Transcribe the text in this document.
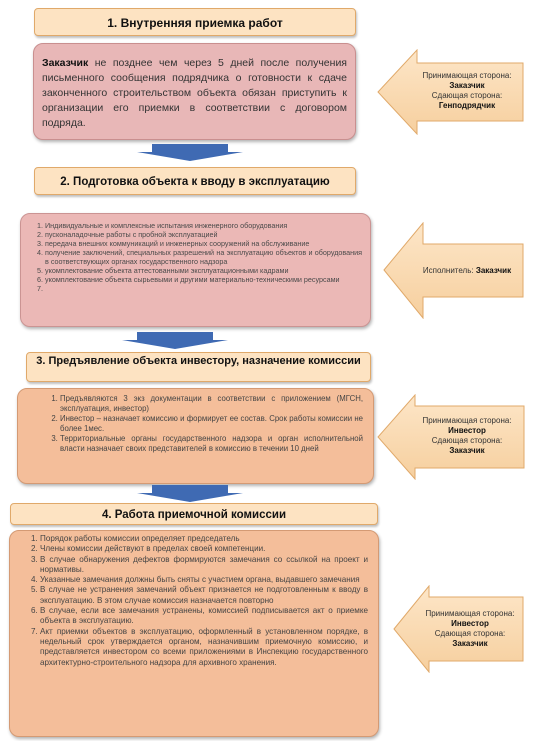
1. Внутренняя приемка работ
Заказчик не позднее чем через 5 дней после получения письменного сообщения подрядчика о готовности к сдаче законченного строительством объекта обязан приступить к организации его приемки в соответствии с договором подряда.
Принимающая сторона:
Заказчик
Сдающая сторона:
Генподрядчик
2. Подготовка объекта к вводу в эксплуатацию
1. Индивидуальные и комплексные испытания инженерного оборудования
2. пусконаладочные работы с пробной эксплуатацией
3. передача внешних коммуникаций и инженерных сооружений на обслуживание
4. получение заключений, специальных разрешений на эксплуатацию объектов и оборудования в соответствующих органах государственного надзора
5. укомплектование объекта аттестованными эксплуатационными кадрами
6. укомплектование объекта сырьевыми и другими материально-техническими ресурсами
7.
Исполнитель: Заказчик
3. Предъявление объекта инвестору, назначение комиссии
1. Предъявляются 3 экз документации в соответствии с приложением (МГСН, эксплуатация, инвестор)
2. Инвестор – назначает комиссию и формирует ее состав. Срок работы комиссии не более 1мес.
3. Территориальные органы государственного надзора и орган исполнительной власти назначает своих представителей в комиссию в течении 10 дней
Принимающая сторона:
Инвестор
Сдающая сторона:
Заказчик
4. Работа приемочной комиссии
1. Порядок работы комиссии определяет председатель
2. Члены комиссии действуют в пределах своей компетенции.
3. В случае обнаружения дефектов формируются замечания со ссылкой на проект и нормативы.
4. Указанные замечания должны быть сняты с участием органа, выдавшего замечания
5. В случае не устранения замечаний объект признается не подготовленным к вводу в эксплуатацию. В этом случае комиссия назначается повторно
6. В случае, если все замечания устранены, комиссией подписывается акт о приемке объекта в эксплуатацию.
7. Акт приемки объектов в эксплуатацию, оформленный в установленном порядке, в недельный срок утверждается органом, назначившим приемочную комиссию, и представляется инвестором со всеми приложениями в Инспекцию государственного архитектурно-строительного надзора для архивного хранения.
Принимающая сторона:
Инвестор
Сдающая сторона:
Заказчик
